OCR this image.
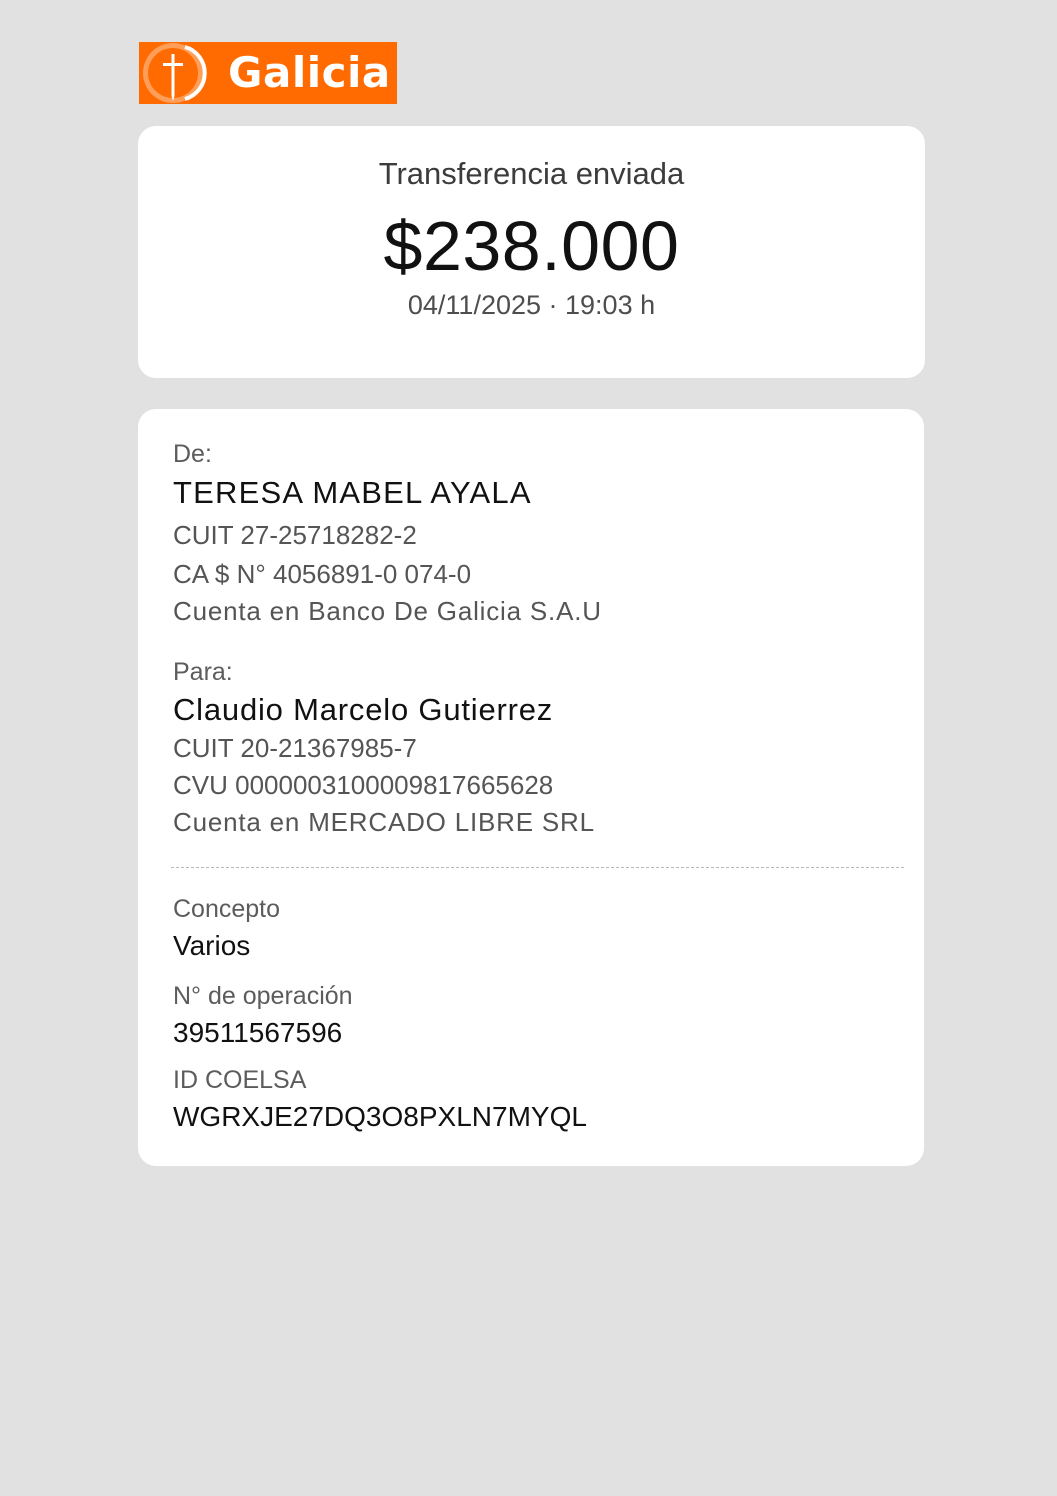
Galicia
Transferencia enviada
$238.000
04/11/2025 · 19:03 h
De:
TERESA MABEL AYALA
CUIT 27-25718282-2
CA $ N° 4056891-0 074-0
Cuenta en Banco De Galicia S.A.U
Para:
Claudio Marcelo Gutierrez
CUIT 20-21367985-7
CVU 0000003100009817665628
Cuenta en MERCADO LIBRE SRL
Concepto
Varios
N° de operación
39511567596
ID COELSA
WGRXJE27DQ3O8PXLN7MYQL
